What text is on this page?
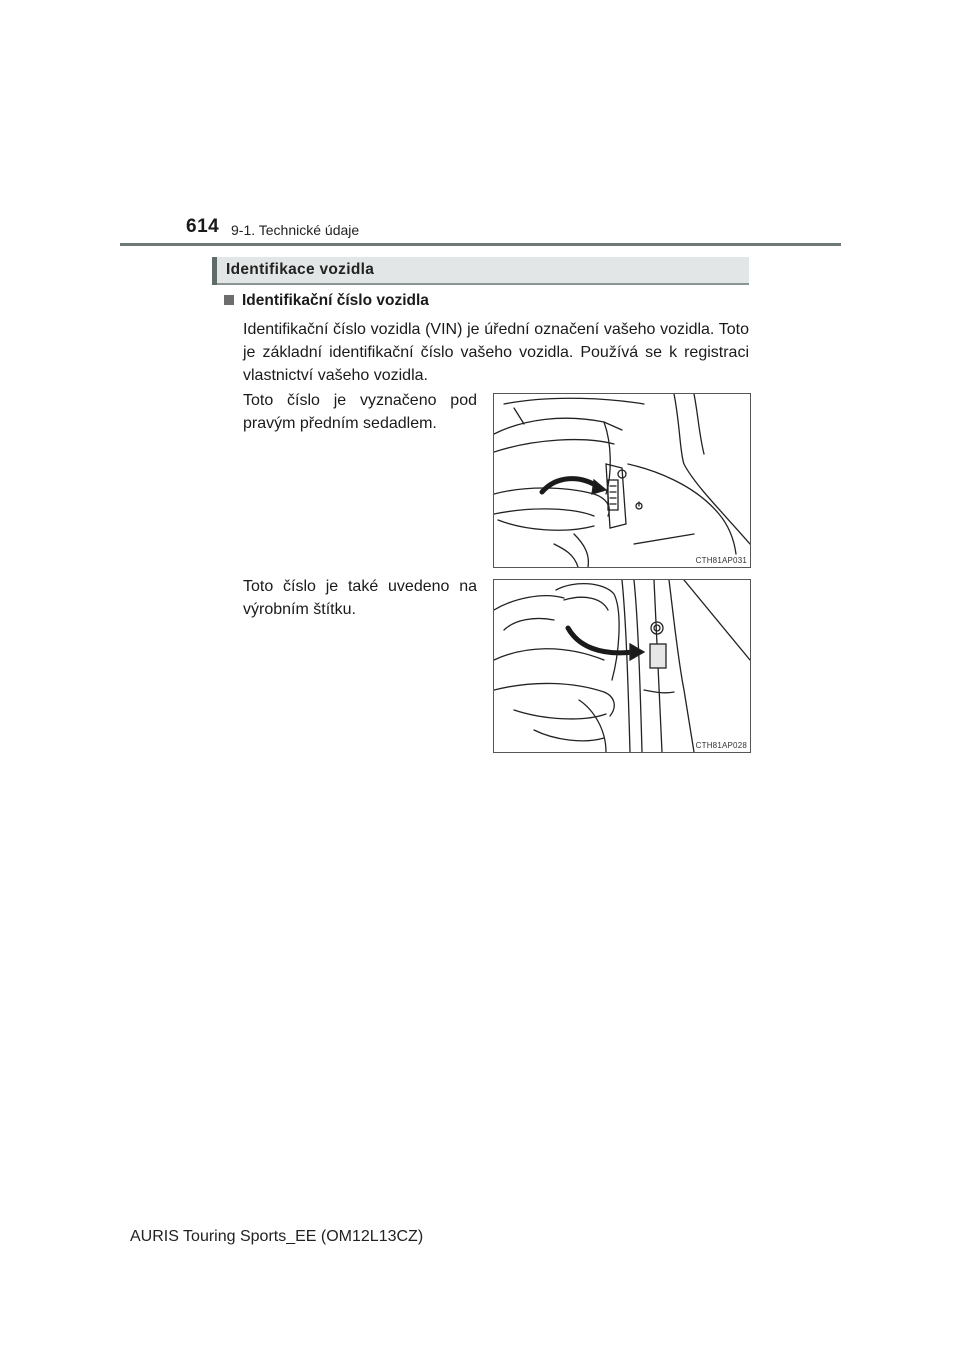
614 9-1. Technické údaje
Identifikace vozidla
Identifikační číslo vozidla
Identifikační číslo vozidla (VIN) je úřední označení vašeho vozidla. Toto je základní identifikační číslo vašeho vozidla. Používá se k registraci vlastnictví vašeho vozidla.
Toto číslo je vyznačeno pod pravým předním sedadlem.
CTH81AP031
Toto číslo je také uvedeno na výrobním štítku.
CTH81AP028
AURIS Touring Sports_EE (OM12L13CZ)
